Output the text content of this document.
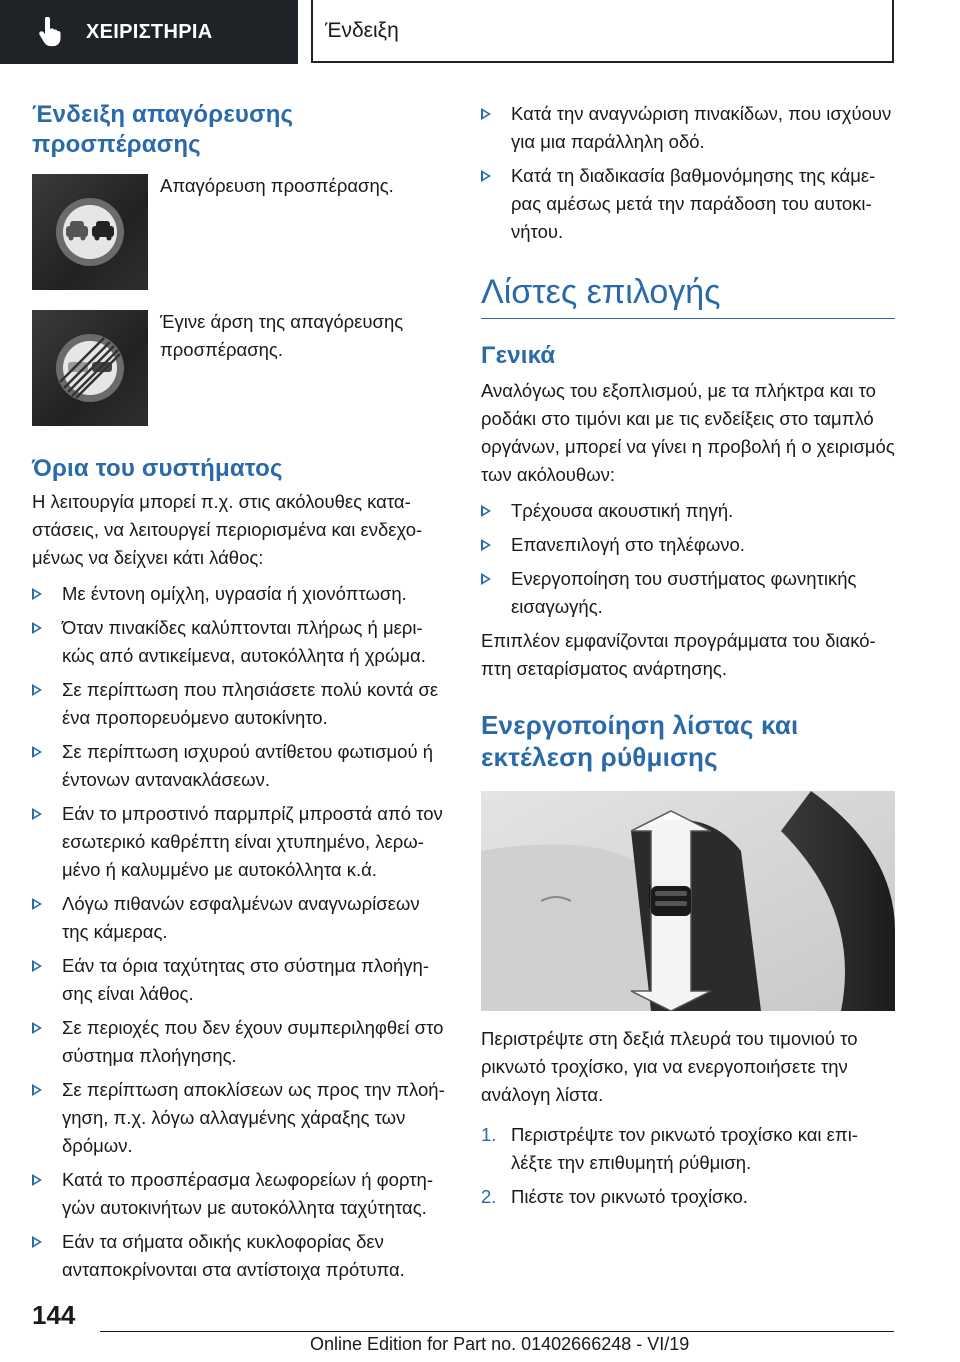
ΧΕΙΡΙΣΤΗΡΙΑ	Ένδειξη
Ένδειξη απαγόρευσης προσπέρασης
Απαγόρευση προσπέρασης.
Έγινε άρση της απαγόρευσης προσπέρασης.
Όρια του συστήματος

Η λειτουργία μπορεί π.χ. στις ακόλουθες κατα-στάσεις, να λειτουργεί περιορισμένα και ενδεχο-μένως να δείχνει κάτι λάθος:

Με έντονη ομίχλη, υγρασία ή χιονόπτωση.
Όταν πινακίδες καλύπτονται πλήρως ή μερι-κώς από αντικείμενα, αυτοκόλλητα ή χρώμα.
Σε περίπτωση που πλησιάσετε πολύ κοντά σε ένα προπορευόμενο αυτοκίνητο.
Σε περίπτωση ισχυρού αντίθετου φωτισμού ή έντονων αντανακλάσεων.
Εάν το μπροστινό παρμπρίζ μπροστά από τον εσωτερικό καθρέπτη είναι χτυπημένο, λερω-μένο ή καλυμμένο με αυτοκόλλητα κ.ά.
Λόγω πιθανών εσφαλμένων αναγνωρίσεων της κάμερας.
Εάν τα όρια ταχύτητας στο σύστημα πλοήγη-σης είναι λάθος.
Σε περιοχές που δεν έχουν συμπεριληφθεί στο σύστημα πλοήγησης.
Σε περίπτωση αποκλίσεων ως προς την πλοή-γηση, π.χ. λόγω αλλαγμένης χάραξης των δρόμων.
Κατά το προσπέρασμα λεωφορείων ή φορτη-γών αυτοκινήτων με αυτοκόλλητα ταχύτητας.
Εάν τα σήματα οδικής κυκλοφορίας δεν ανταποκρίνονται στα αντίστοιχα πρότυπα.
Κατά την αναγνώριση πινακίδων, που ισχύουν για μια παράλληλη οδό.
Κατά τη διαδικασία βαθμονόμησης της κάμε-ρας αμέσως μετά την παράδοση του αυτοκι-νήτου.
Λίστες επιλογής
Γενικά

Αναλόγως του εξοπλισμού, με τα πλήκτρα και το ροδάκι στο τιμόνι και με τις ενδείξεις στο ταμπλό οργάνων, μπορεί να γίνει η προβολή ή ο χειρισμός των ακόλουθων:

Τρέχουσα ακουστική πηγή.
Επανεπιλογή στο τηλέφωνο.
Ενεργοποίηση του συστήματος φωνητικής εισαγωγής.

Επιπλέον εμφανίζονται προγράμματα του διακό-πτη σεταρίσματος ανάρτησης.

Ενεργοποίηση λίστας και εκτέλεση ρύθμισης

Περιστρέψτε στη δεξιά πλευρά του τιμονιού το ρικνωτό τροχίσκο, για να ενεργοποιήσετε την ανάλογη λίστα.

1. Περιστρέψτε τον ρικνωτό τροχίσκο και επι-λέξτε την επιθυμητή ρύθμιση.
2. Πιέστε τον ρικνωτό τροχίσκο.
144
Online Edition for Part no. 01402666248 - VI/19
